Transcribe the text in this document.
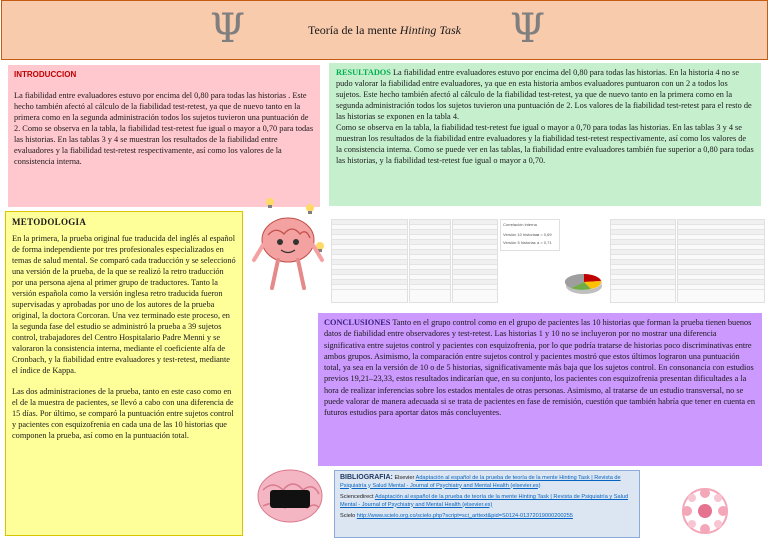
Ψ	Teoría de la mente Hinting Task	Ψ
INTRODUCCION

La fiabilidad entre evaluadores estuvo por encima del 0,80 para todas las historias . Este hecho también afectó al cálculo de la fiabilidad test-retest, ya que de nuevo tanto en la primera como en la segunda administración todos los sujetos tuvieron una puntuación de 2. Como se observa en la tabla, la fiabilidad test-retest fue igual o mayor a 0,70 para todas las historias. En las tablas 3 y 4 se muestran los resultados de la fiabilidad entre evaluadores y la fiabilidad test-retest respectivamente, así como los valores de la consistencia interna.

RESULTADOS La fiabilidad entre evaluadores estuvo por encima del 0,80 para todas las historias. En la historia 4 no se pudo valorar la fiabilidad entre evaluadores, ya que en esta historia ambos evaluadores puntuaron con un 2 a todos los sujetos. Este hecho también afectó al cálculo de la fiabilidad test-retest, ya que de nuevo tanto en la primera como en la segunda administración todos los sujetos tuvieron una puntuación de 2. Los valores de la fiabilidad test-retest para el resto de las historias se exponen en la tabla 4.

Como se observa en la tabla, la fiabilidad test-retest fue igual o mayor a 0,70 para todas las historias. En las tablas 3 y 4 se muestran los resultados de la fiabilidad entre evaluadores y la fiabilidad test-retest respectivamente, así como los valores de la consistencia interna. Como se puede ver en las tablas, la fiabilidad entre evaluadores también fue superior a 0,80 para todas las historias, y la fiabilidad test-retest fue igual o mayor a 0,70.

METODOLOGIA

En la primera, la prueba original fue traducida del inglés al español de forma independiente por tres profesionales especializados en temas de salud mental. Se comparó cada traducción y se seleccionó una versión de la prueba, de la que se realizó la retro traducción por una persona ajena al primer grupo de traductores. Tanto la versión española como la versión inglesa retro traducida fueron supervisadas y aprobadas por uno de los autores de la prueba original, la doctora Corcoran. Una vez terminado este proceso, en la segunda fase del estudio se administró la prueba a 39 sujetos control, trabajadores del Centro Hospitalario Padre Menni y se valoraron la consistencia interna, mediante el coeficiente alfa de Cronbach, y la fiabilidad entre evaluadores y test-retest, mediante el índice de Kappa.

Las dos administraciones de la prueba, tanto en este caso como en el de la muestra de pacientes, se llevó a cabo con una diferencia de 15 días. Por último, se comparó la puntuación entre sujetos control y pacientes con esquizofrenia en cada una de las 10 historias que componen la prueba, así como en la puntuación total.

Correlación interna
Versión 10 historias a = 0,69
Versión 5 historias a = 0,71

CONCLUSIONES Tanto en el grupo control como en el grupo de pacientes las 10 historias que forman la prueba tienen buenos datos de fiabilidad entre observadores y test-retest. Las historias 1 y 10 no se incluyeron por no mostrar una diferencia significativa entre sujetos control y pacientes con esquizofrenia, por lo que podría tratarse de historias poco discriminativas entre ambos grupos. Asimismo, la comparación entre sujetos control y pacientes mostró que estos últimos lograron una puntuación total, ya sea en la versión de 10 o de 5 historias, significativamente más baja que los sujetos control. En consonancia con estudios previos 19,21–23,33, estos resultados indicarían que, en su conjunto, los pacientes con esquizofrenia presentan dificultades a la hora de realizar inferencias sobre los estados mentales de otras personas. Asimismo, al tratarse de un estudio transversal, no se puede valorar de manera adecuada si se trata de pacientes en fase de remisión, cuestión que también habría que tener en cuenta en futuros estudios para aportar datos más concluyentes.

BIBLIOGRAFIA: Elsevier Adaptación al español de la prueba de teoría de la mente Hinting Task | Revista de Psiquiatría y Salud Mental - Journal of Psychiatry and Mental Health (elsevier.es)

Sciencedirect Adaptación al español de la prueba de teoría de la mente Hinting Task | Revista de Psiquiatría y Salud Mental - Journal of Psychiatry and Mental Health (elsevier.es)

Scielo http://www.scielo.org.co/scielo.php?script=sci_arttext&pid=S0124-01372019000200255
